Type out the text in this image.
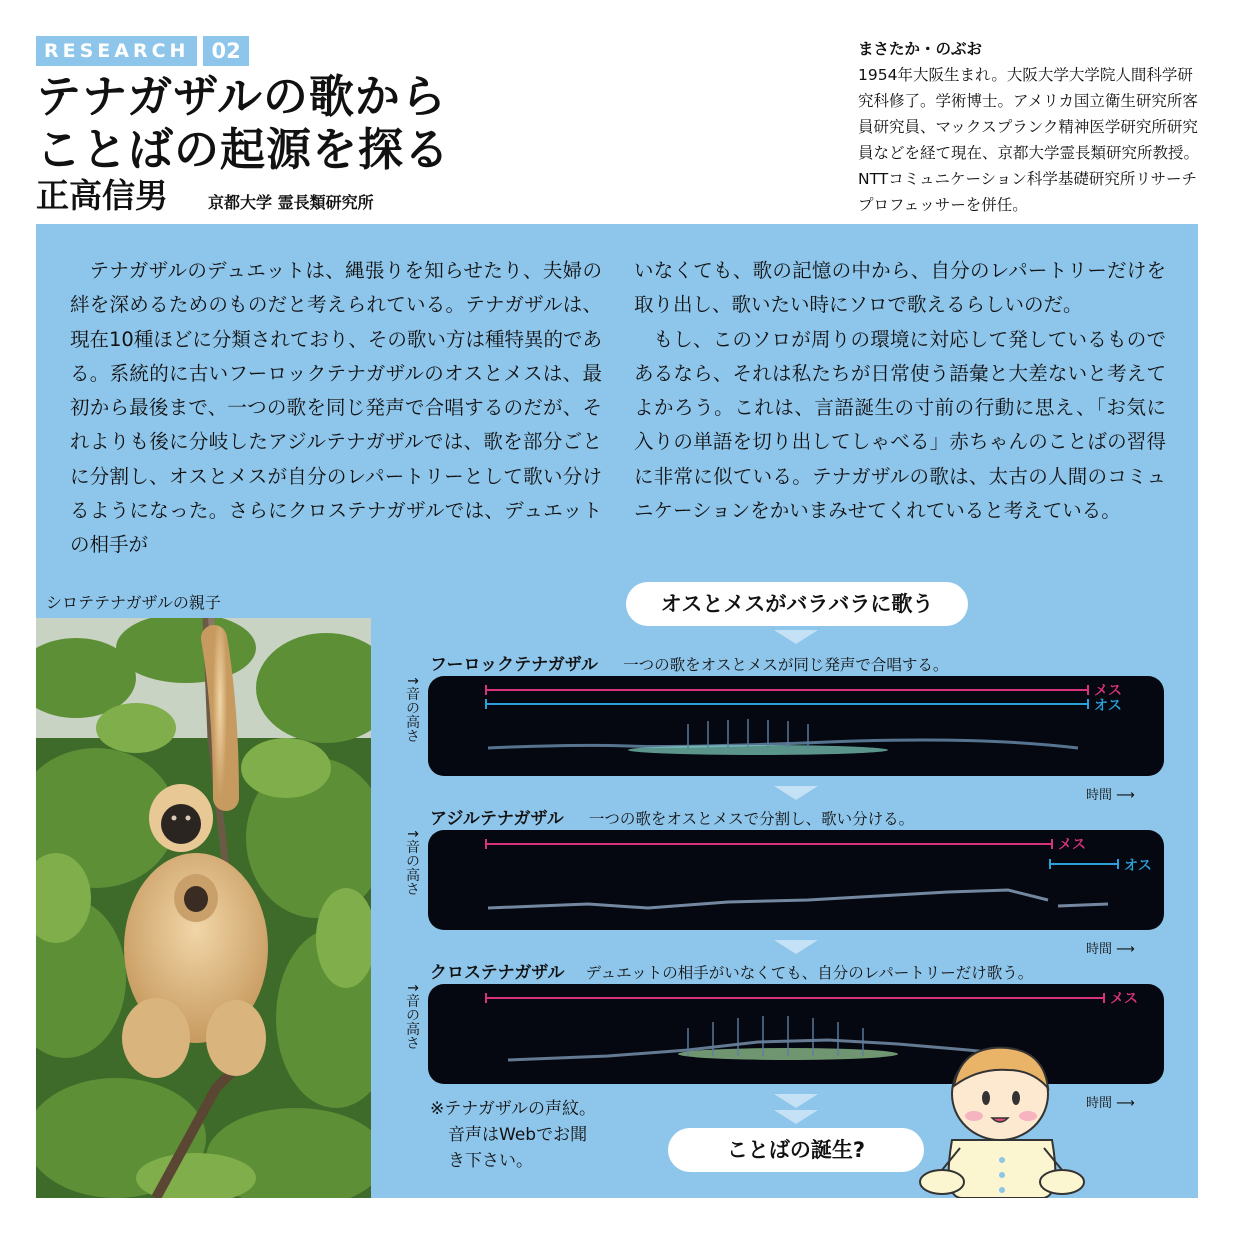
RESEARCH	02
テナガザルの歌から
ことばの起源を探る
正高信男	京都大学 霊長類研究所
まさたか・のぶお
1954年大阪生まれ。大阪大学大学院人間科学研究科修了。学術博士。アメリカ国立衛生研究所客員研究員、マックスプランク精神医学研究所研究員などを経て現在、京都大学霊長類研究所教授。NTTコミュニケーション科学基礎研究所リサーチプロフェッサーを併任。
テナガザルのデュエットは、縄張りを知らせたり、夫婦の絆を深めるためのものだと考えられている。テナガザルは、現在10種ほどに分類されており、その歌い方は種特異的である。系統的に古いフーロックテナガザルのオスとメスは、最初から最後まで、一つの歌を同じ発声で合唱するのだが、それよりも後に分岐したアジルテナガザルでは、歌を部分ごとに分割し、オスとメスが自分のレパートリーとして歌い分けるようになった。さらにクロステナガザルでは、デュエットの相手が
いなくても、歌の記憶の中から、自分のレパートリーだけを取り出し、歌いたい時にソロで歌えるらしいのだ。
もし、このソロが周りの環境に対応して発しているものであるなら、それは私たちが日常使う語彙と大差ないと考えてよかろう。これは、言語誕生の寸前の行動に思え、「お気に入りの単語を切り出してしゃべる」赤ちゃんのことばの習得に非常に似ている。テナガザルの歌は、太古の人間のコミュニケーションをかいまみせてくれていると考えている。
シロテテナガザルの親子	オスとメスがバラバラに歌う
フーロックテナガザル 一つの歌をオスとメスが同じ発声で合唱する。
↑音の高さ	メス
オス
時間 ⟶
アジルテナガザル 一つの歌をオスとメスで分割し、歌い分ける。
↑音の高さ	メス
オス
時間 ⟶
クロステナガザル デュエットの相手がいなくても、自分のレパートリーだけ歌う。
↑音の高さ	メス
時間 ⟶
ことばの誕生?
※テナガザルの声紋。
音声はWebでお聞
き下さい。
